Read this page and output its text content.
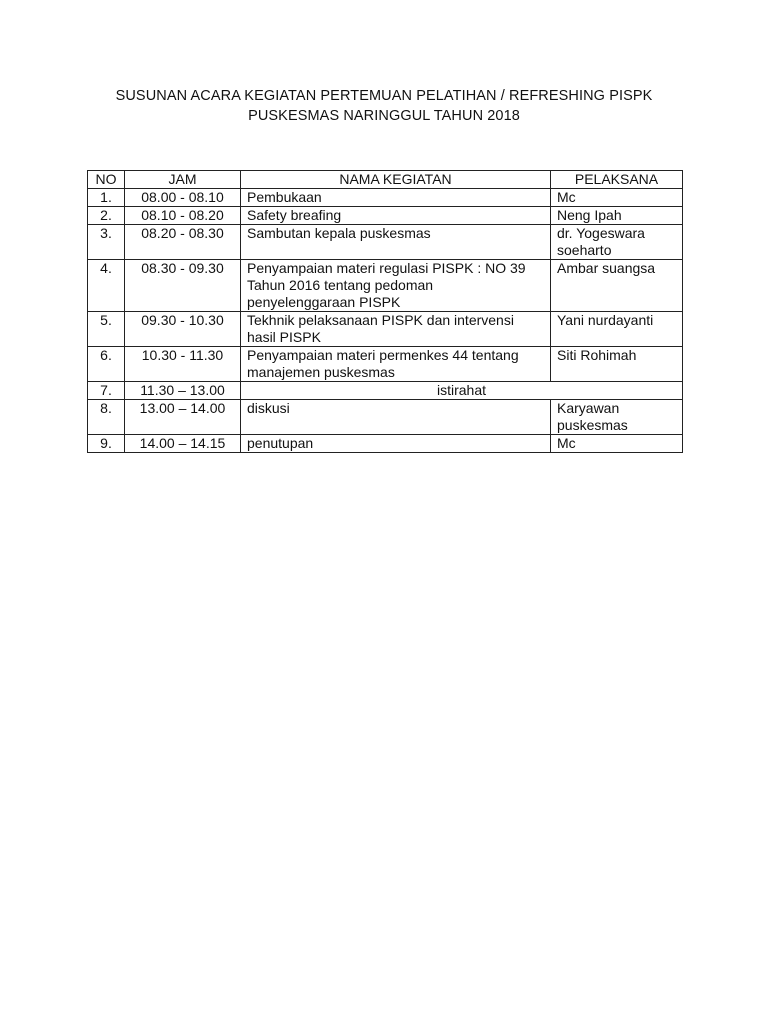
SUSUNAN ACARA KEGIATAN PERTEMUAN PELATIHAN / REFRESHING PISPK
PUSKESMAS NARINGGUL TAHUN 2018
NO	JAM	NAMA KEGIATAN	PELAKSANA
1.	08.00 - 08.10	Pembukaan	Mc
2.	08.10 - 08.20	Safety breafing	Neng Ipah
3.	08.20 - 08.30	Sambutan kepala puskesmas	dr. Yogeswara soeharto
4.	08.30 - 09.30	Penyampaian materi regulasi PISPK : NO 39 Tahun 2016 tentang pedoman penyelenggaraan PISPK	Ambar suangsa
5.	09.30 - 10.30	Tekhnik pelaksanaan PISPK dan intervensi hasil PISPK	Yani nurdayanti
6.	10.30 - 11.30	Penyampaian materi permenkes 44 tentang manajemen puskesmas	Siti Rohimah
7.	11.30 – 13.00	istirahat	
8.	13.00 – 14.00	diskusi	Karyawan puskesmas
9.	14.00 – 14.15	penutupan	Mc
